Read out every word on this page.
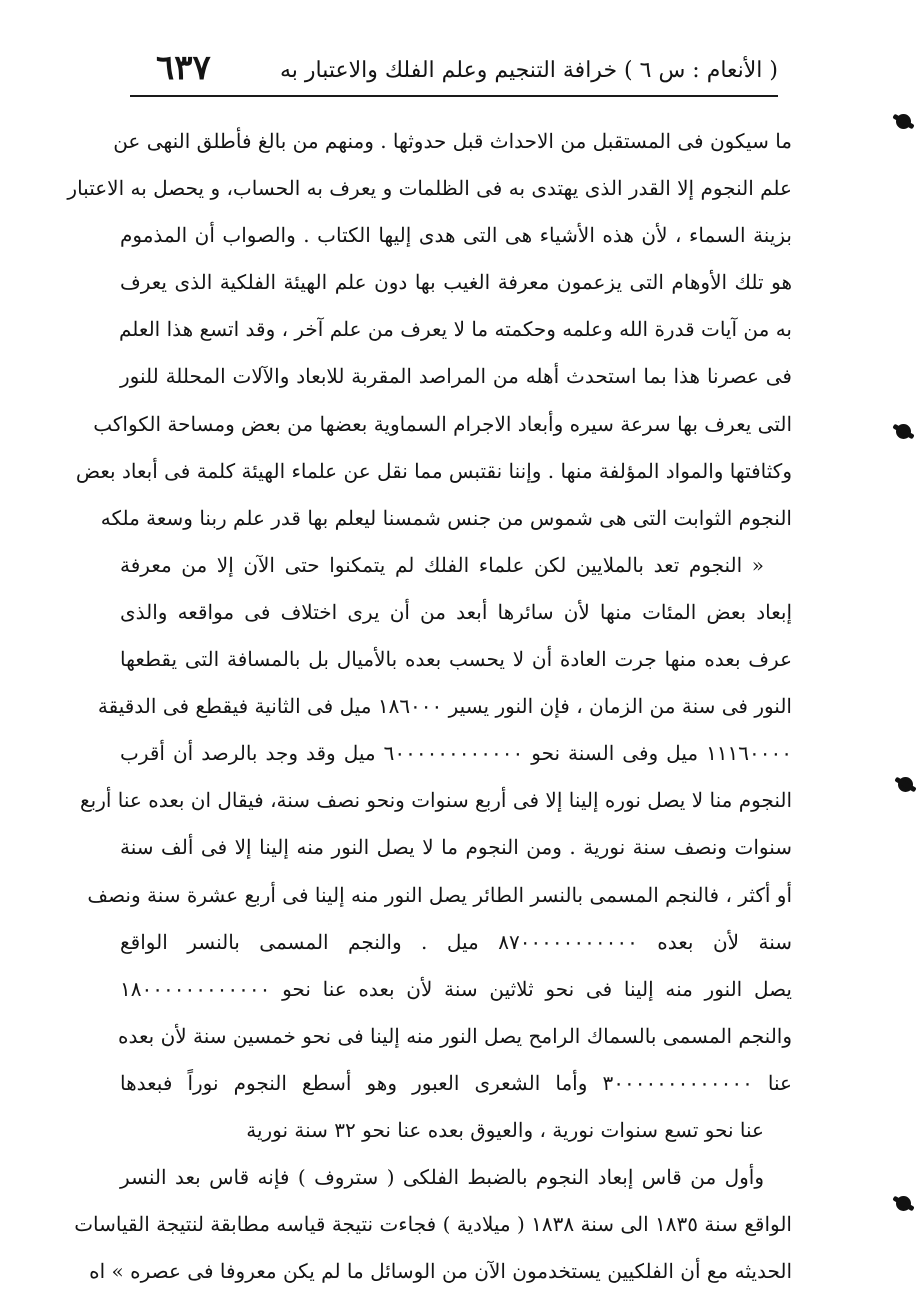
( الأنعام : س ٦ ) خرافة التنجيم وعلم الفلك والاعتبار به
٦٣٧
ما سيكون فى المستقبل من الاحداث قبل حدوثها . ومنهم من بالغ فأطلق النهى عن
علم النجوم إلا القدر الذى يهتدى به فى الظلمات و يعرف به الحساب، و يحصل به الاعتبار
بزينة السماء ، لأن هذه الأشياء هى التى هدى إليها الكتاب . والصواب أن المذموم
هو تلك الأوهام التى يزعمون معرفة الغيب بها دون علم الهيئة الفلكية الذى يعرف
به من آيات قدرة الله وعلمه وحكمته ما لا يعرف من علم آخر ، وقد اتسع هذا العلم
فى عصرنا هذا بما استحدث أهله من المراصد المقربة للابعاد والآلات المحللة للنور
التى يعرف بها سرعة سيره وأبعاد الاجرام السماوية بعضها من بعض ومساحة الكواكب
وكثافتها والمواد المؤلفة منها . وإننا نقتبس مما نقل عن علماء الهيئة كلمة فى أبعاد بعض
النجوم الثوابت التى هى شموس من جنس شمسنا ليعلم بها قدر علم ربنا وسعة ملكه
« النجوم تعد بالملايين لكن علماء الفلك لم يتمكنوا حتى الآن إلا من معرفة
إبعاد بعض المئات منها لأن سائرها أبعد من أن يرى اختلاف فى مواقعه والذى
عرف بعده منها جرت العادة أن لا يحسب بعده بالأميال بل بالمسافة التى يقطعها
النور فى سنة من الزمان ، فإن النور يسير ١٨٦٠٠٠ ميل فى الثانية فيقطع فى الدقيقة
١١١٦٠٠٠٠ ميل وفى السنة نحو ٦٠٠٠٠٠٠٠٠٠٠٠٠ ميل وقد وجد بالرصد أن أقرب
النجوم منا لا يصل نوره إلينا إلا فى أربع سنوات ونحو نصف سنة، فيقال ان بعده عنا أربع
سنوات ونصف سنة نورية . ومن النجوم ما لا يصل النور منه إلينا إلا فى ألف سنة
أو أكثر ، فالنجم المسمى بالنسر الطائر يصل النور منه إلينا فى أربع عشرة سنة ونصف
سنة لأن بعده ٨٧٠٠٠٠٠٠٠٠٠٠٠ ميل . والنجم المسمى بالنسر الواقع
يصل النور منه إلينا فى نحو ثلاثين سنة لأن بعده عنا نحو ١٨٠٠٠٠٠٠٠٠٠٠٠٠
والنجم المسمى بالسماك الرامح يصل النور منه إلينا فى نحو خمسين سنة لأن بعده
عنا ٣٠٠٠٠٠٠٠٠٠٠٠٠٠ وأما الشعرى العبور وهو أسطع النجوم نوراً فبعدها
عنا نحو تسع سنوات نورية ، والعيوق بعده عنا نحو ٣٢ سنة نورية
وأول من قاس إبعاد النجوم بالضبط الفلكى ( ستروف ) فإنه قاس بعد النسر
الواقع سنة ١٨٣٥ الى سنة ١٨٣٨ ( ميلادية ) فجاءت نتيجة قياسه مطابقة لنتيجة القياسات
الحديثه مع أن الفلكيين يستخدمون الآن من الوسائل ما لم يكن معروفا فى عصره » اه
